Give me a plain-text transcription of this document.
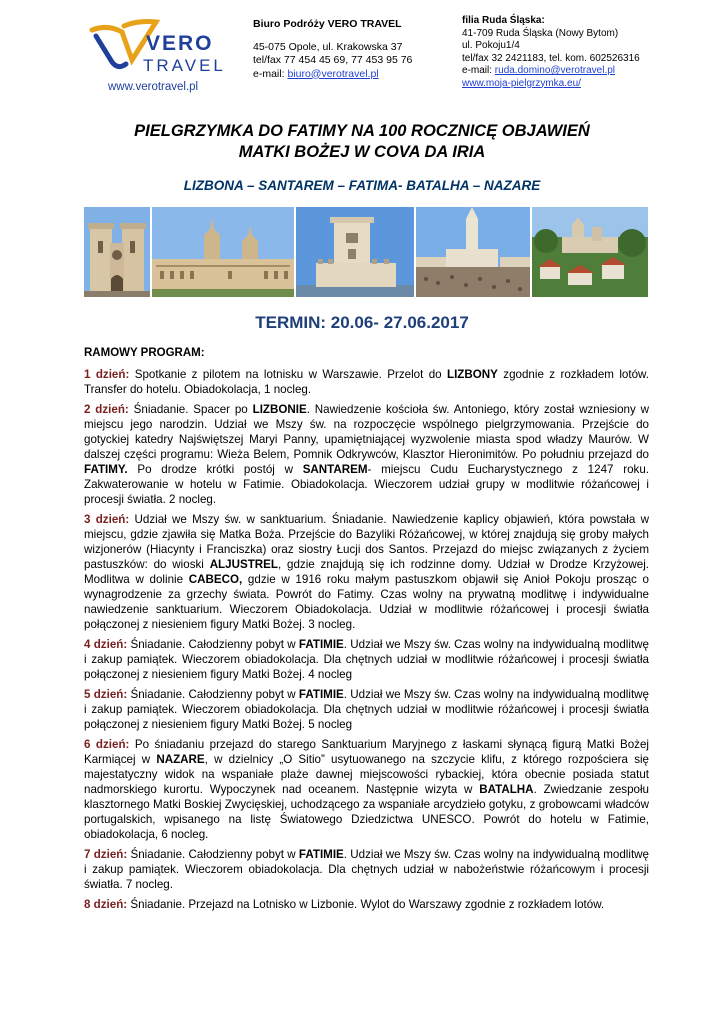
VERO
TRAVEL
www.verotravel.pl
Biuro Podróży VERO TRAVEL
45-075 Opole, ul. Krakowska 37
tel/fax 77 454 45 69, 77 453 95 76
e-mail: biuro@verotravel.pl
filia Ruda Śląska:
41-709 Ruda Śląska (Nowy Bytom)
ul. Pokoju1/4
tel/fax 32 2421183, tel. kom. 602526316
e-mail: ruda.domino@verotravel.pl
www.moja-pielgrzymka.eu/
PIELGRZYMKA DO FATIMY NA 100 ROCZNICĘ OBJAWIEŃ
MATKI BOŻEJ W COVA DA IRIA
LIZBONA – SANTAREM – FATIMA- BATALHA – NAZARE
TERMIN: 20.06- 27.06.2017
RAMOWY PROGRAM:

1 dzień: Spotkanie z pilotem na lotnisku w Warszawie. Przelot do LIZBONY zgodnie z rozkładem lotów. Transfer do hotelu. Obiadokolacja, 1 nocleg.

2 dzień: Śniadanie. Spacer po LIZBONIE. Nawiedzenie kościoła św. Antoniego, który został wzniesiony w miejscu jego narodzin. Udział we Mszy św. na rozpoczęcie wspólnego pielgrzymowania. Przejście do gotyckiej katedry Najświętszej Maryi Panny, upamiętniającej wyzwolenie miasta spod władzy Maurów. W dalszej części programu: Wieża Belem, Pomnik Odkrywców, Klasztor Hieronimitów. Po południu przejazd do FATIMY. Po drodze krótki postój w SANTAREM- miejscu Cudu Eucharystycznego z 1247 roku. Zakwaterowanie w hotelu w Fatimie. Obiadokolacja. Wieczorem udział grupy w modlitwie różańcowej i procesji światła. 2 nocleg.

3 dzień: Udział we Mszy św. w sanktuarium. Śniadanie. Nawiedzenie kaplicy objawień, która powstała w miejscu, gdzie zjawiła się Matka Boża. Przejście do Bazyliki Różańcowej, w której znajdują się groby małych wizjonerów (Hiacynty i Franciszka) oraz siostry Łucji dos Santos. Przejazd do miejsc związanych z życiem pastuszków: do wioski ALJUSTREL, gdzie znajdują się ich rodzinne domy. Udział w Drodze Krzyżowej. Modlitwa w dolinie CABECO, gdzie w 1916 roku małym pastuszkom objawił się Anioł Pokoju prosząc o wynagrodzenie za grzechy świata. Powrót do Fatimy. Czas wolny na prywatną modlitwę i indywidualne nawiedzenie sanktuarium. Wieczorem Obiadokolacja. Udział w modlitwie różańcowej i procesji światła połączonej z niesieniem figury Matki Bożej. 3 nocleg.

4 dzień: Śniadanie. Całodzienny pobyt w FATIMIE. Udział we Mszy św. Czas wolny na indywidualną modlitwę i zakup pamiątek. Wieczorem obiadokolacja. Dla chętnych udział w modlitwie różańcowej i procesji światła połączonej z niesieniem figury Matki Bożej. 4 nocleg

5 dzień: Śniadanie. Całodzienny pobyt w FATIMIE. Udział we Mszy św. Czas wolny na indywidualną modlitwę i zakup pamiątek. Wieczorem obiadokolacja. Dla chętnych udział w modlitwie różańcowej i procesji światła połączonej z niesieniem figury Matki Bożej. 5 nocleg

6 dzień: Po śniadaniu przejazd do starego Sanktuarium Maryjnego z łaskami słynącą figurą Matki Bożej Karmiącej w NAZARE, w dzielnicy „O Sitio” usytuowanego na szczycie klifu, z którego rozpościera się majestatyczny widok na wspaniałe plaże dawnej miejscowości rybackiej, która obecnie posiada statut nadmorskiego kurortu. Wypoczynek nad oceanem. Następnie wizyta w BATALHA. Zwiedzanie zespołu klasztornego Matki Boskiej Zwycięskiej, uchodzącego za wspaniałe arcydzieło gotyku, z grobowcami władców portugalskich, wpisanego na listę Światowego Dziedzictwa UNESCO. Powrót do hotelu w Fatimie, obiadokolacja, 6 nocleg.

7 dzień: Śniadanie. Całodzienny pobyt w FATIMIE. Udział we Mszy św. Czas wolny na indywidualną modlitwę i zakup pamiątek. Wieczorem obiadokolacja. Dla chętnych udział w nabożeństwie różańcowym i procesji światła. 7 nocleg.

8 dzień: Śniadanie. Przejazd na Lotnisko w Lizbonie. Wylot do Warszawy zgodnie z rozkładem lotów.
